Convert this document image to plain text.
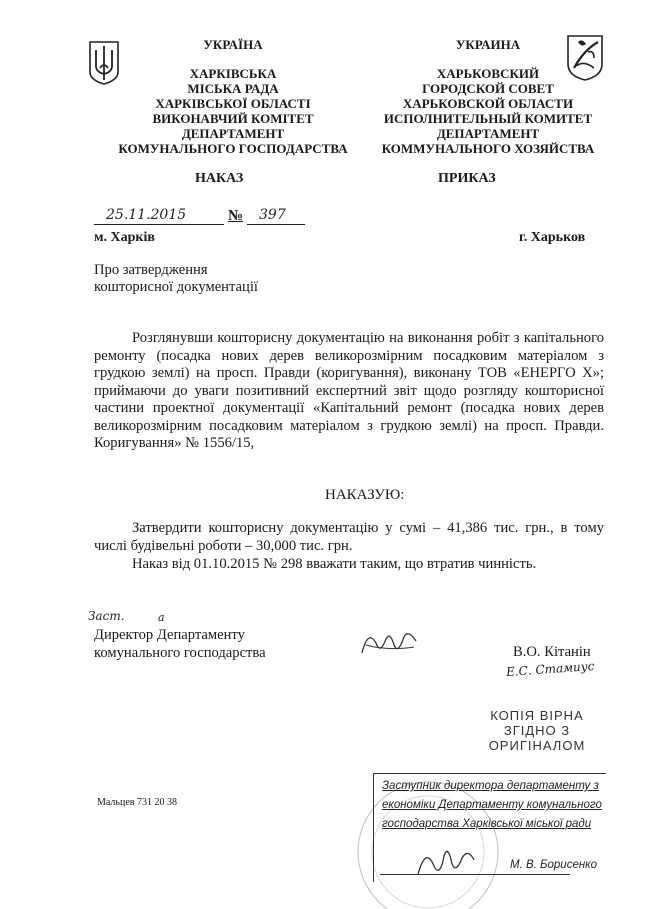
УКРАЇНА
ХАРКІВСЬКА
МІСЬКА РАДА
ХАРКІВСЬКОЇ ОБЛАСТІ
ВИКОНАВЧИЙ КОМІТЕТ
ДЕПАРТАМЕНТ
КОМУНАЛЬНОГО ГОСПОДАРСТВА
УКРАИНА
ХАРЬКОВСКИЙ
ГОРОДСКОЙ СОВЕТ
ХАРЬКОВСКОЙ ОБЛАСТИ
ИСПОЛНИТЕЛЬНЫЙ КОМИТЕТ
ДЕПАРТАМЕНТ
КОММУНАЛЬНОГО ХОЗЯЙСТВА
НАКАЗ	ПРИКАЗ
25.11.2015	№ 397
м. Харків	г. Харьков
Про затвердження
кошторисної документації
Розглянувши кошторисну документацію на виконання робіт з капітального ремонту (посадка нових дерев великорозмірним посадковим матеріалом з грудкою землі) на просп. Правди (коригування), виконану ТОВ «ЕНЕРГО Х»; приймаючи до уваги позитивний експертний звіт щодо розгляду кошторисної частини проектної документації «Капітальний ремонт (посадка нових дерев великорозмірним посадковим матеріалом з грудкою землі) на просп. Правди. Коригування» № 1556/15,
НАКАЗУЮ:
Затвердити кошторисну документацію у сумі – 41,386 тис. грн., в тому числі будівельні роботи – 30,000 тис. грн.
Наказ від 01.10.2015 № 298 вважати таким, що втратив чинність.
Заст.	а
Директор Департаменту
комунального господарства	В.О. Кітанін
Е.С. Стамиус
КОПІЯ ВІРНА
ЗГІДНО З
ОРИГІНАЛОМ
Заступник директора департаменту з
економіки Департаменту комунального
господарства Харківської міської ради
М. В. Борисенко
Мальцев 731 20 38
